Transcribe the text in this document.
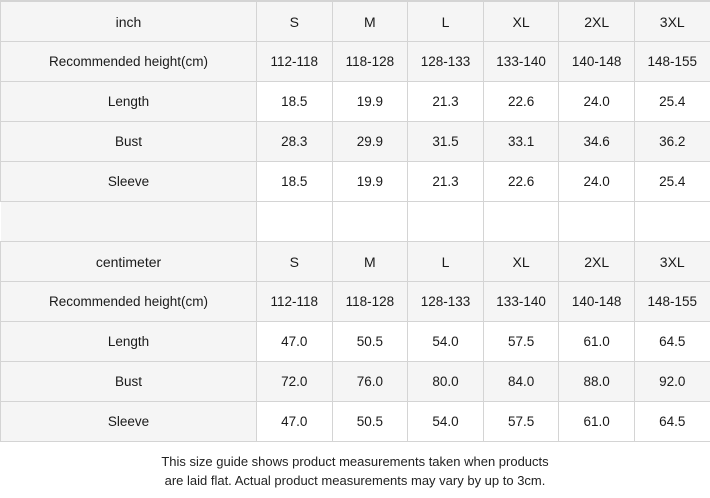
inch	S	M	L	XL	2XL	3XL
Recommended height(cm)	112-118	118-128	128-133	133-140	140-148	148-155
Length	18.5	19.9	21.3	22.6	24.0	25.4
Bust	28.3	29.9	31.5	33.1	34.6	36.2
Sleeve	18.5	19.9	21.3	22.6	24.0	25.4

centimeter	S	M	L	XL	2XL	3XL
Recommended height(cm)	112-118	118-128	128-133	133-140	140-148	148-155
Length	47.0	50.5	54.0	57.5	61.0	64.5
Bust	72.0	76.0	80.0	84.0	88.0	92.0
Sleeve	47.0	50.5	54.0	57.5	61.0	64.5
This size guide shows product measurements taken when products
are laid flat. Actual product measurements may vary by up to 3cm.
